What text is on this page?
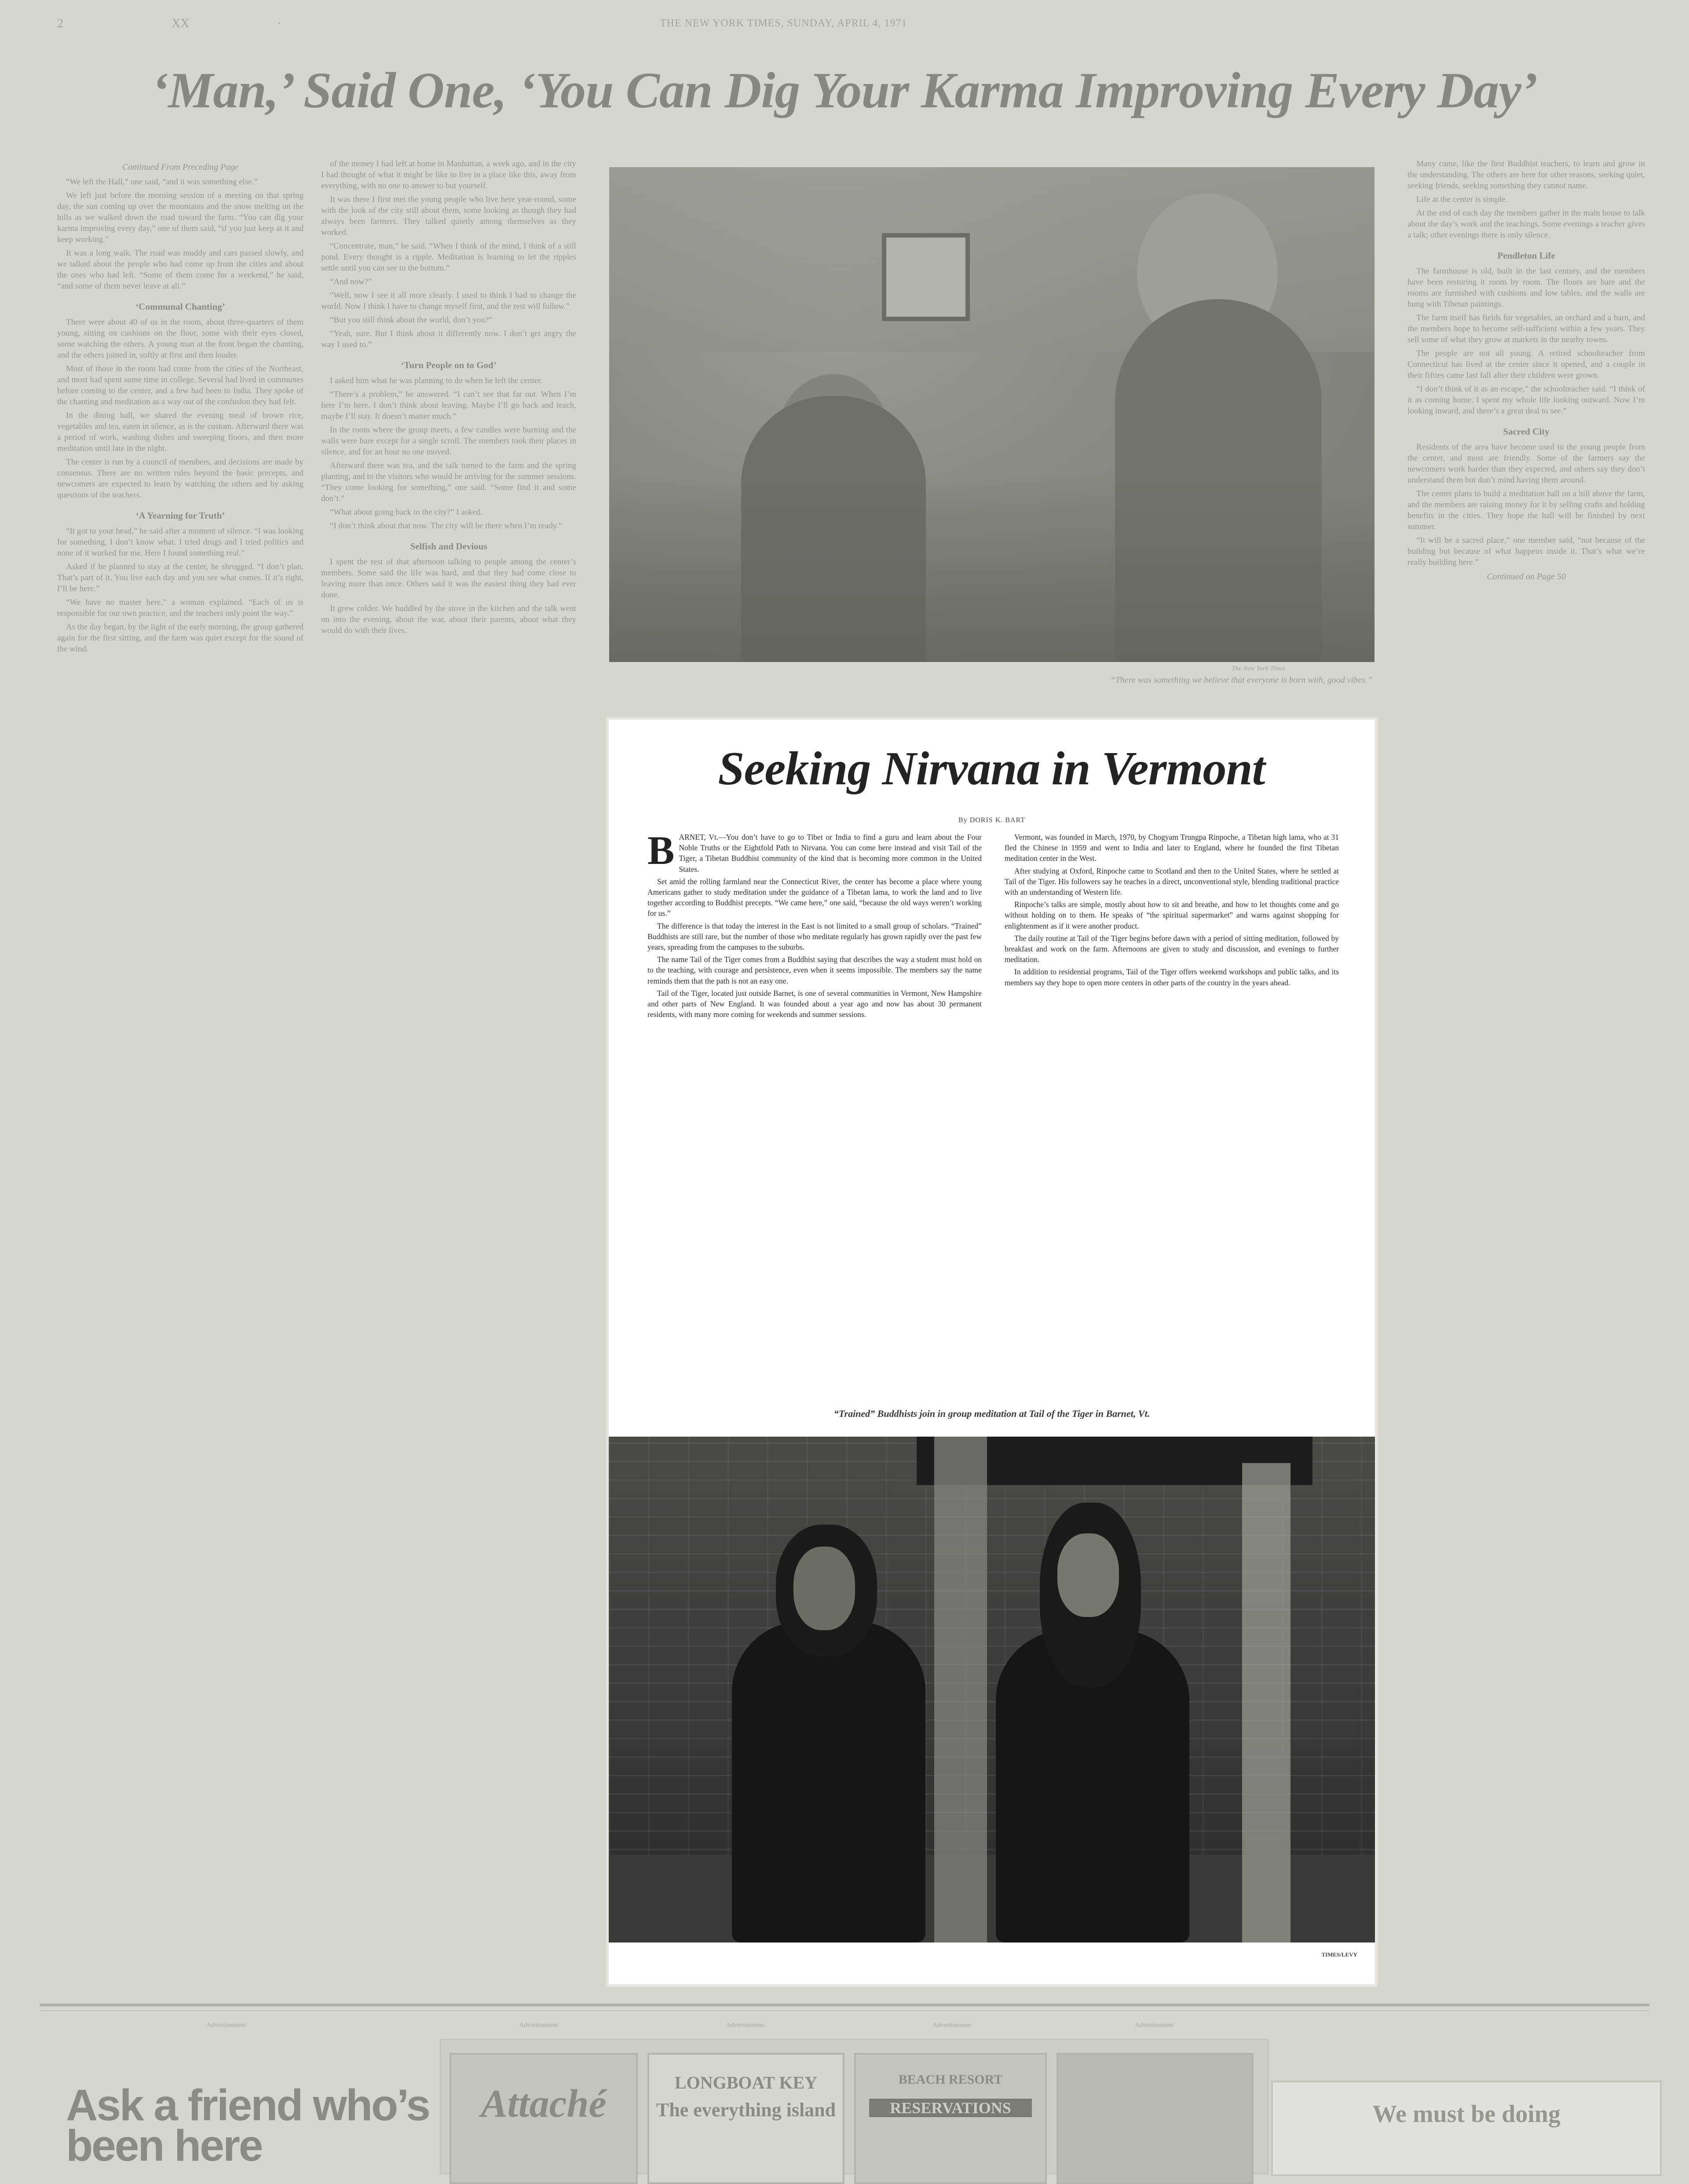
2	XX	·	THE NEW YORK TIMES, SUNDAY, APRIL 4, 1971
‘Man,’ Said One, ‘You Can Dig Your Karma Improving Every Day’

Continued From Preceding Page

“We left the Hall,” one said, “and it was something else.”

We left just before the morning session of a meeting on that spring day, the sun coming up over the mountains and the snow melting on the hills as we walked down the road toward the farm. “You can dig your karma improving every day,” one of them said, “if you just keep at it and keep working.”

It was a long walk. The road was muddy and cars passed slowly, and we talked about the people who had come up from the cities and about the ones who had left. “Some of them come for a weekend,” he said, “and some of them never leave at all.”

‘Communal Chanting’

There were about 40 of us in the room, about three-quarters of them young, sitting on cushions on the floor, some with their eyes closed, some watching the others. A young man at the front began the chanting, and the others joined in, softly at first and then louder.

Most of those in the room had come from the cities of the Northeast, and most had spent some time in college. Several had lived in communes before coming to the center, and a few had been to India. They spoke of the chanting and meditation as a way out of the confusion they had felt.

In the dining hall, we shared the evening meal of brown rice, vegetables and tea, eaten in silence, as is the custom. Afterward there was a period of work, washing dishes and sweeping floors, and then more meditation until late in the night.

The center is run by a council of members, and decisions are made by consensus. There are no written rules beyond the basic precepts, and newcomers are expected to learn by watching the others and by asking questions of the teachers.

‘A Yearning for Truth’

“It got to your head,” he said after a moment of silence. “I was looking for something, I don’t know what. I tried drugs and I tried politics and none of it worked for me. Here I found something real.”

Asked if he planned to stay at the center, he shrugged. “I don’t plan. That’s part of it. You live each day and you see what comes. If it’s right, I’ll be here.”

“We have no master here,” a woman explained. “Each of us is responsible for our own practice, and the teachers only point the way.”

As the day began, by the light of the early morning, the group gathered again for the first sitting, and the farm was quiet except for the sound of the wind.

of the money I had left at home in Manhattan, a week ago, and in the city I had thought of what it might be like to live in a place like this, away from everything, with no one to answer to but yourself.

It was there I first met the young people who live here year-round, some with the look of the city still about them, some looking as though they had always been farmers. They talked quietly among themselves as they worked.

“Concentrate, man,” he said. “When I think of the mind, I think of a still pond. Every thought is a ripple. Meditation is learning to let the ripples settle until you can see to the bottom.”

“And now?”

“Well, now I see it all more clearly. I used to think I had to change the world. Now I think I have to change myself first, and the rest will follow.”

“But you still think about the world, don’t you?”

“Yeah, sure. But I think about it differently now. I don’t get angry the way I used to.”

‘Turn People on to God’

I asked him what he was planning to do when he left the center.

“There’s a problem,” he answered. “I can’t see that far out. When I’m here I’m here. I don’t think about leaving. Maybe I’ll go back and teach, maybe I’ll stay. It doesn’t matter much.”

In the room where the group meets, a few candles were burning and the walls were bare except for a single scroll. The members took their places in silence, and for an hour no one moved.

Afterward there was tea, and the talk turned to the farm and the spring planting, and to the visitors who would be arriving for the summer sessions. “They come looking for something,” one said. “Some find it and some don’t.”

“What about going back to the city?” I asked.

“I don’t think about that now. The city will be there when I’m ready.”

Selfish and Devious

I spent the rest of that afternoon talking to people among the center’s members. Some said the life was hard, and that they had come close to leaving more than once. Others said it was the easiest thing they had ever done.

It grew colder. We huddled by the stove in the kitchen and the talk went on into the evening, about the war, about their parents, about what they would do with their lives.

The New York Times
“There was something we believe that everyone is born with, good vibes.”
Seeking Nirvana in Vermont
By DORIS K. BART

BARNET, Vt.—You don’t have to go to Tibet or India to find a guru and learn about the Four Noble Truths or the Eightfold Path to Nirvana. You can come here instead and visit Tail of the Tiger, a Tibetan Buddhist community of the kind that is becoming more common in the United States.

Set amid the rolling farmland near the Connecticut River, the center has become a place where young Americans gather to study meditation under the guidance of a Tibetan lama, to work the land and to live together according to Buddhist precepts. “We came here,” one said, “because the old ways weren’t working for us.”

The difference is that today the interest in the East is not limited to a small group of scholars. “Trained” Buddhists are still rare, but the number of those who meditate regularly has grown rapidly over the past few years, spreading from the campuses to the suburbs.

The name Tail of the Tiger comes from a Buddhist saying that describes the way a student must hold on to the teaching, with courage and persistence, even when it seems impossible. The members say the name reminds them that the path is not an easy one.

Tail of the Tiger, located just outside Barnet, is one of several communities in Vermont, New Hampshire and other parts of New England. It was founded about a year ago and now has about 30 permanent residents, with many more coming for weekends and summer sessions.

Vermont, was founded in March, 1970, by Chogyam Trungpa Rinpoche, a Tibetan high lama, who at 31 fled the Chinese in 1959 and went to India and later to England, where he founded the first Tibetan meditation center in the West.

After studying at Oxford, Rinpoche came to Scotland and then to the United States, where he settled at Tail of the Tiger. His followers say he teaches in a direct, unconventional style, blending traditional practice with an understanding of Western life.

Rinpoche’s talks are simple, mostly about how to sit and breathe, and how to let thoughts come and go without holding on to them. He speaks of “the spiritual supermarket” and warns against shopping for enlightenment as if it were another product.

The daily routine at Tail of the Tiger begins before dawn with a period of sitting meditation, followed by breakfast and work on the farm. Afternoons are given to study and discussion, and evenings to further meditation.

In addition to residential programs, Tail of the Tiger offers weekend workshops and public talks, and its members say they hope to open more centers in other parts of the country in the years ahead.

“Trained” Buddhists join in group meditation at Tail of the Tiger in Barnet, Vt.
TIMES/LEVY

Many came, like the first Buddhist teachers, to learn and grow in the understanding. The others are here for other reasons, seeking quiet, seeking friends, seeking something they cannot name.

Life at the center is simple.

At the end of each day the members gather in the main house to talk about the day’s work and the teachings. Some evenings a teacher gives a talk; other evenings there is only silence.

Pendleton Life

The farmhouse is old, built in the last century, and the members have been restoring it room by room. The floors are bare and the rooms are furnished with cushions and low tables, and the walls are hung with Tibetan paintings.

The farm itself has fields for vegetables, an orchard and a barn, and the members hope to become self-sufficient within a few years. They sell some of what they grow at markets in the nearby towns.

The people are not all young. A retired schoolteacher from Connecticut has lived at the center since it opened, and a couple in their fifties came last fall after their children were grown.

“I don’t think of it as an escape,” the schoolteacher said. “I think of it as coming home. I spent my whole life looking outward. Now I’m looking inward, and there’s a great deal to see.”

Sacred City

Residents of the area have become used to the young people from the center, and most are friendly. Some of the farmers say the newcomers work harder than they expected, and others say they don’t understand them but don’t mind having them around.

The center plans to build a meditation hall on a hill above the farm, and the members are raising money for it by selling crafts and holding benefits in the cities. They hope the hall will be finished by next summer.

“It will be a sacred place,” one member said, “not because of the building but because of what happens inside it. That’s what we’re really building here.”

Continued on Page 50

Advertisement	Advertisement	Advertisement	Advertisement	Advertisement
Ask a friend who’s been here
Attaché	LONGBOAT KEY
The everything island
BEACH RESORT
RESERVATIONS	We must be doing
